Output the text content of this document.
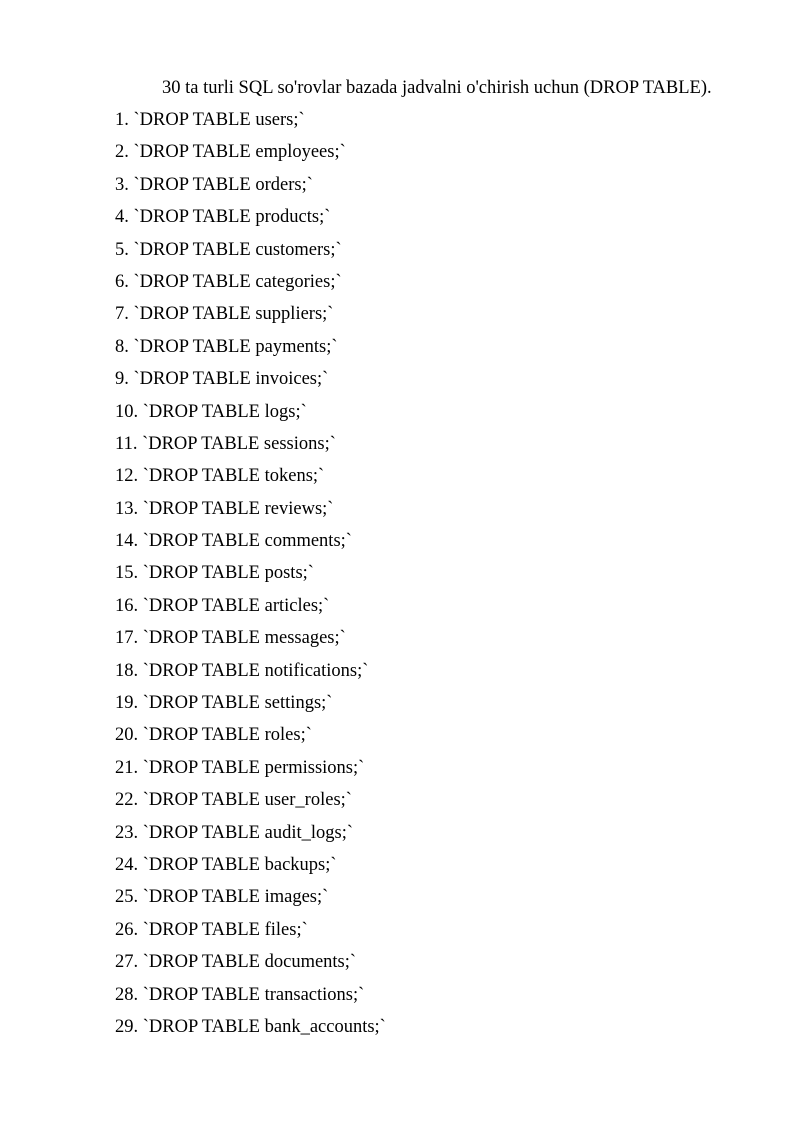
30 ta turli SQL so'rovlar bazada jadvalni o'chirish uchun (DROP TABLE).
1. `DROP TABLE users;`
2. `DROP TABLE employees;`
3. `DROP TABLE orders;`
4. `DROP TABLE products;`
5. `DROP TABLE customers;`
6. `DROP TABLE categories;`
7. `DROP TABLE suppliers;`
8. `DROP TABLE payments;`
9. `DROP TABLE invoices;`
10. `DROP TABLE logs;`
11. `DROP TABLE sessions;`
12. `DROP TABLE tokens;`
13. `DROP TABLE reviews;`
14. `DROP TABLE comments;`
15. `DROP TABLE posts;`
16. `DROP TABLE articles;`
17. `DROP TABLE messages;`
18. `DROP TABLE notifications;`
19. `DROP TABLE settings;`
20. `DROP TABLE roles;`
21. `DROP TABLE permissions;`
22. `DROP TABLE user_roles;`
23. `DROP TABLE audit_logs;`
24. `DROP TABLE backups;`
25. `DROP TABLE images;`
26. `DROP TABLE files;`
27. `DROP TABLE documents;`
28. `DROP TABLE transactions;`
29. `DROP TABLE bank_accounts;`
